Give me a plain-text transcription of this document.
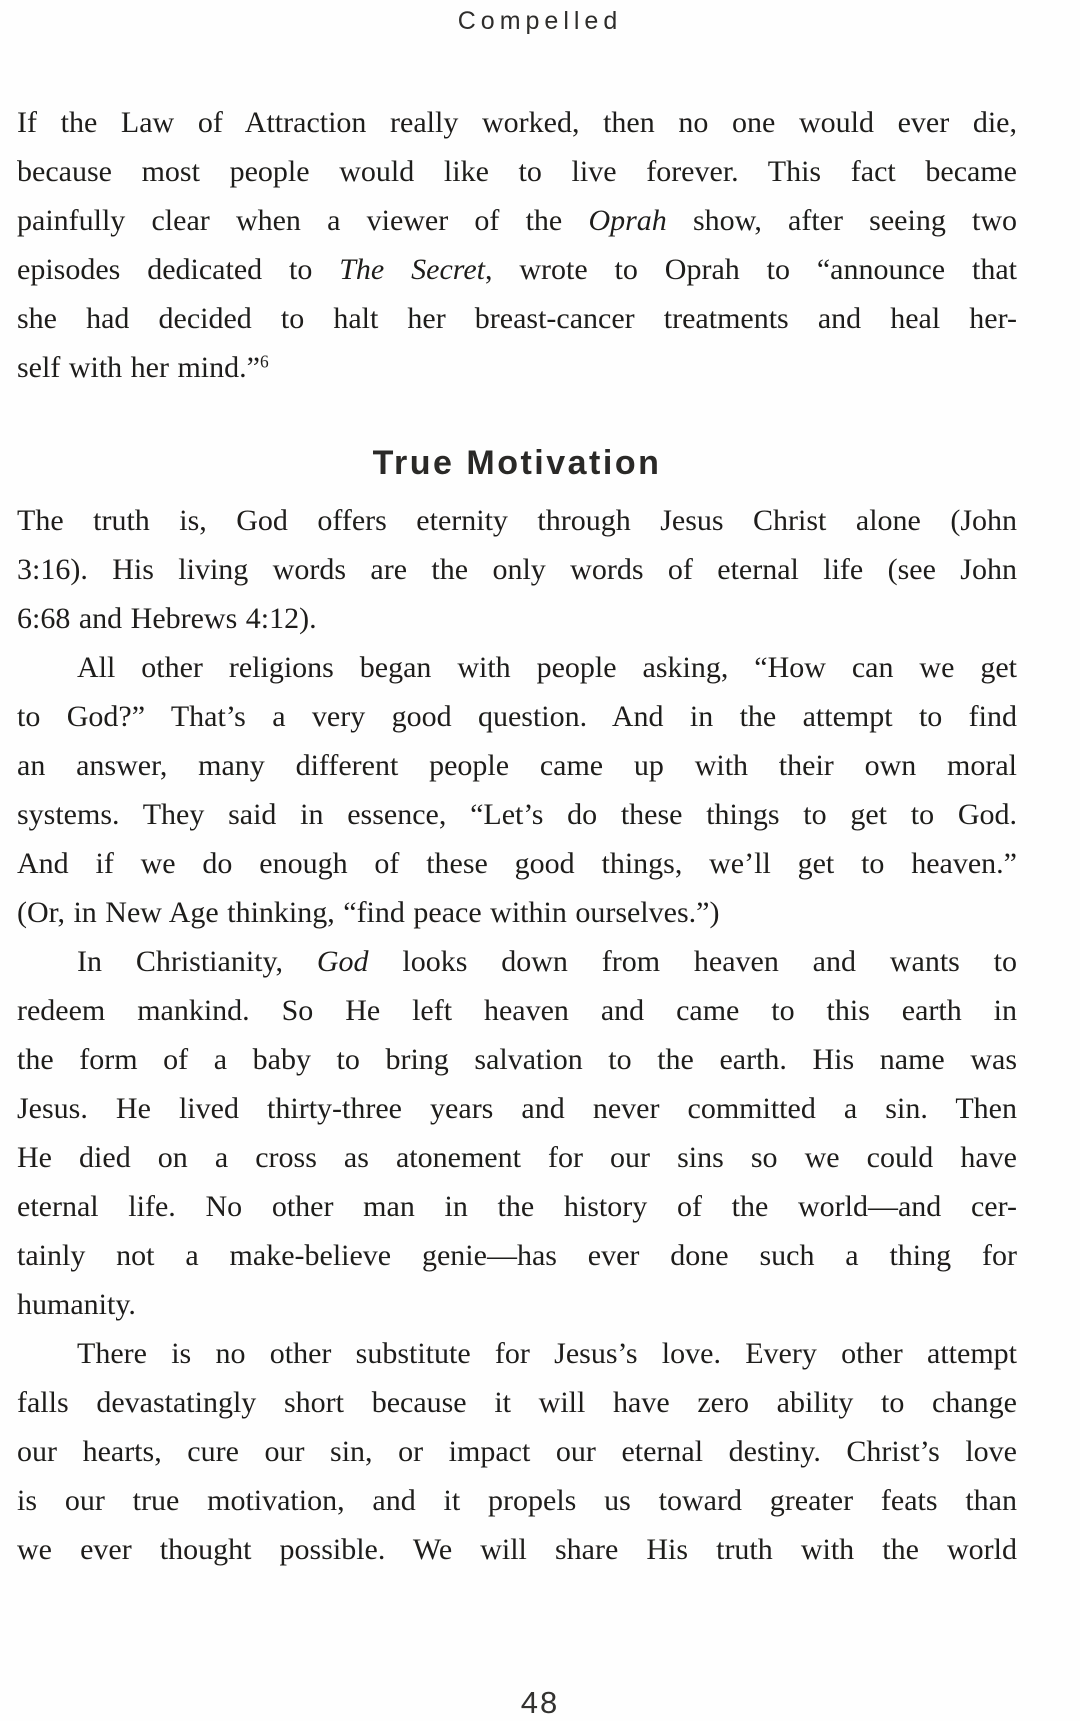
Compelled
If the Law of Attraction really worked, then no one would ever die,
because most people would like to live forever. This fact became
painfully clear when a viewer of the Oprah show, after seeing two
episodes dedicated to The Secret, wrote to Oprah to “announce that
she had decided to halt her breast-cancer treatments and heal her-
self with her mind.”$^6$
True Motivation
The truth is, God offers eternity through Jesus Christ alone (John
3:16). His living words are the only words of eternal life (see John
6:68 and Hebrews 4:12).
All other religions began with people asking, “How can we get
to God?” That’s a very good question. And in the attempt to find
an answer, many different people came up with their own moral
systems. They said in essence, “Let’s do these things to get to God.
And if we do enough of these good things, we’ll get to heaven.”
(Or, in New Age thinking, “find peace within ourselves.”)
In Christianity, God looks down from heaven and wants to
redeem mankind. So He left heaven and came to this earth in
the form of a baby to bring salvation to the earth. His name was
Jesus. He lived thirty-three years and never committed a sin. Then
He died on a cross as atonement for our sins so we could have
eternal life. No other man in the history of the world—and cer-
tainly not a make-believe genie—has ever done such a thing for
humanity.
There is no other substitute for Jesus’s love. Every other attempt
falls devastatingly short because it will have zero ability to change
our hearts, cure our sin, or impact our eternal destiny. Christ’s love
is our true motivation, and it propels us toward greater feats than
we ever thought possible. We will share His truth with the world
48
